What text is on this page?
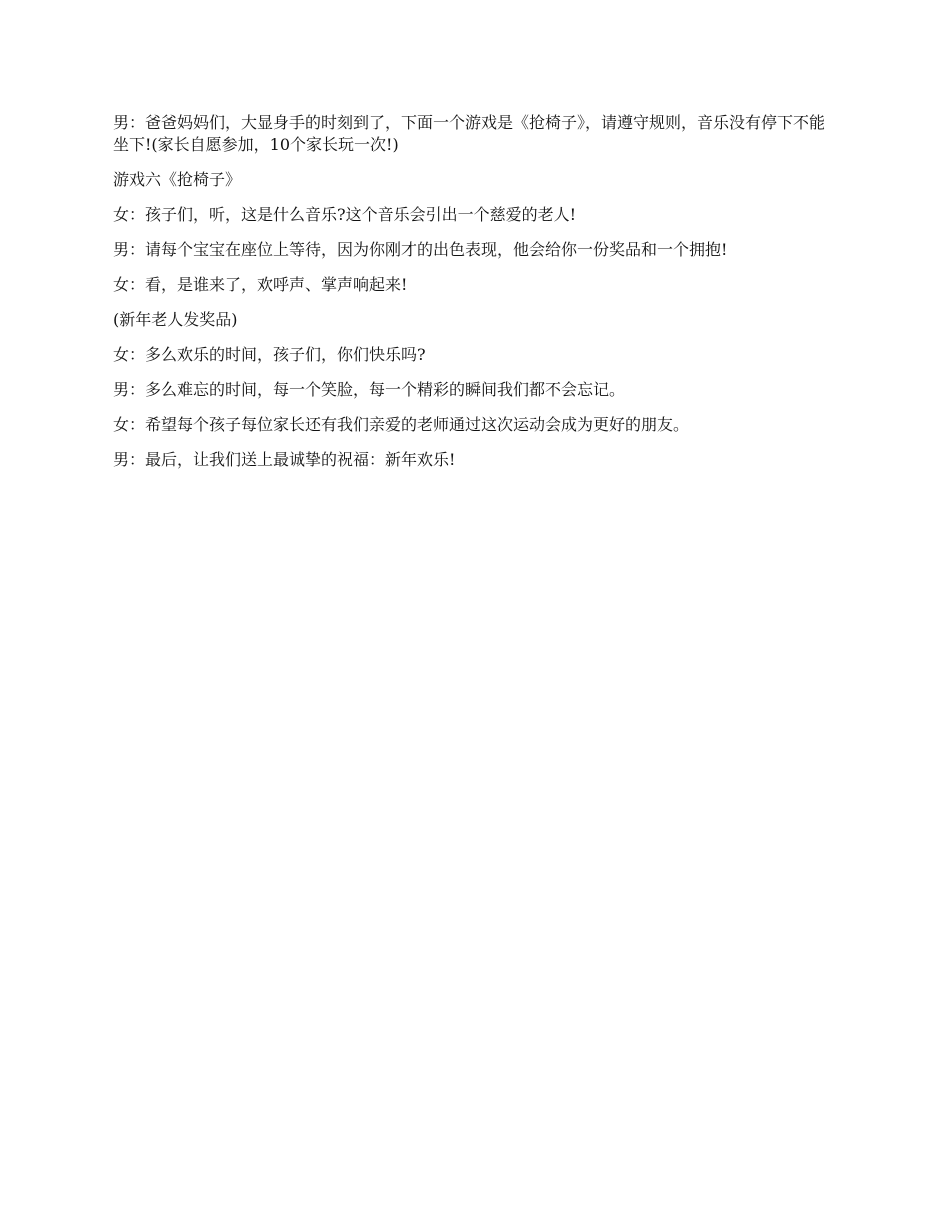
男：爸爸妈妈们，大显身手的时刻到了，下面一个游戏是《抢椅子》，请遵守规则，音乐没有停下不能坐下!(家长自愿参加，10个家长玩一次!)

游戏六《抢椅子》

女：孩子们，听，这是什么音乐?这个音乐会引出一个慈爱的老人!

男：请每个宝宝在座位上等待，因为你刚才的出色表现，他会给你一份奖品和一个拥抱!

女：看，是谁来了，欢呼声、掌声响起来!

(新年老人发奖品)

女：多么欢乐的时间，孩子们，你们快乐吗?

男：多么难忘的时间，每一个笑脸，每一个精彩的瞬间我们都不会忘记。

女：希望每个孩子每位家长还有我们亲爱的老师通过这次运动会成为更好的朋友。

男：最后，让我们送上最诚挚的祝福：新年欢乐!
